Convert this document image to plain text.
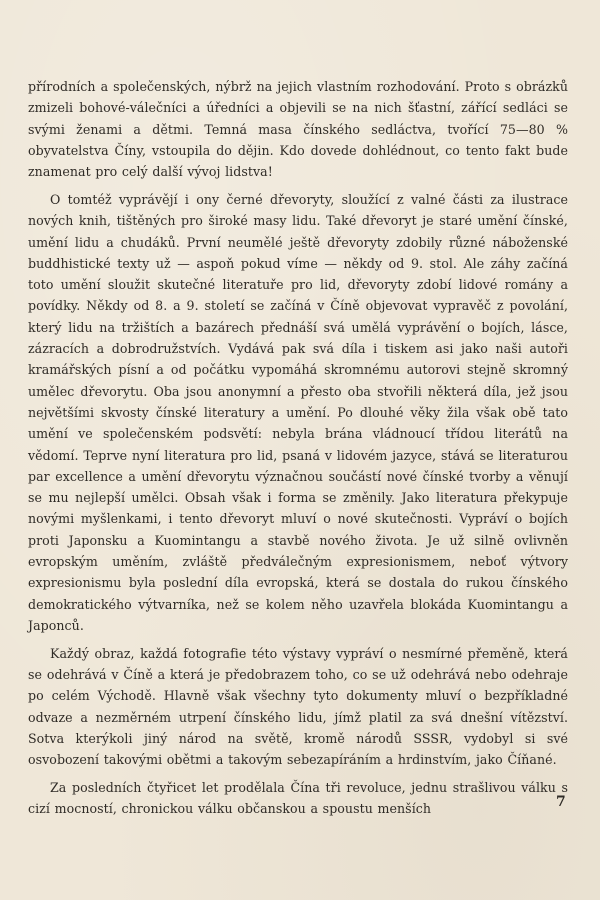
přírodních a společenských, nýbrž na jejich vlastním rozhodování. Proto s obrázků zmizeli bohové-válečníci a úředníci a objevili se na nich šťastní, zářící sedláci se svými ženami a dětmi. Temná masa čínského sedláctva, tvořící 75—80 % obyvatelstva Číny, vstoupila do dějin. Kdo dovede dohlédnout, co tento fakt bude znamenat pro celý další vývoj lidstva!

O tomtéž vyprávějí i ony černé dřevoryty, sloužící z valné části za ilustrace nových knih, tištěných pro široké masy lidu. Také dřevoryt je staré umění čínské, umění lidu a chudáků. První neumělé ještě dřevoryty zdobily různé náboženské buddhistické texty už — aspoň pokud víme — někdy od 9. stol. Ale záhy začíná toto umění sloužit skutečné literatuře pro lid, dřevoryty zdobí lidové romány a povídky. Někdy od 8. a 9. století se začíná v Číně objevovat vypravěč z povolání, který lidu na tržištích a bazárech přednáší svá umělá vyprávění o bojích, lásce, zázracích a dobrodružstvích. Vydává pak svá díla i tiskem asi jako naši autoři kramářských písní a od počátku vypomáhá skromnému autorovi stejně skromný umělec dřevorytu. Oba jsou anonymní a přesto oba stvořili některá díla, jež jsou největšími skvosty čínské literatury a umění. Po dlouhé věky žila však obě tato umění ve společenském podsvětí: nebyla brána vládnoucí třídou literátů na vědomí. Teprve nyní literatura pro lid, psaná v lidovém jazyce, stává se literaturou par excellence a umění dřevorytu význačnou součástí nové čínské tvorby a věnují se mu nejlepší umělci. Obsah však i forma se změnily. Jako literatura překypuje novými myšlenkami, i tento dřevoryt mluví o nové skutečnosti. Vypráví o bojích proti Japonsku a Kuomintangu a stavbě nového života. Je už silně ovlivněn evropským uměním, zvláště předválečným expresionismem, neboť výtvory expresionismu byla poslední díla evropská, která se dostala do rukou čínského demokratického výtvarníka, než se kolem něho uzavřela blokáda Kuomintangu a Japonců.

Každý obraz, každá fotografie této výstavy vypráví o nesmírné přeměně, která se odehrává v Číně a která je předobrazem toho, co se už odehrává nebo odehraje po celém Východě. Hlavně však všechny tyto dokumenty mluví o bezpříkladné odvaze a nezměrném utrpení čínského lidu, jímž platil za svá dnešní vítězství. Sotva kterýkoli jiný národ na světě, kromě národů SSSR, vydobyl si své osvobození takovými obětmi a takovým sebezapíráním a hrdinstvím, jako Číňané.

Za posledních čtyřicet let prodělala Čína tři revoluce, jednu strašlivou válku s cizí mocností, chronickou válku občanskou a spoustu menších	7
